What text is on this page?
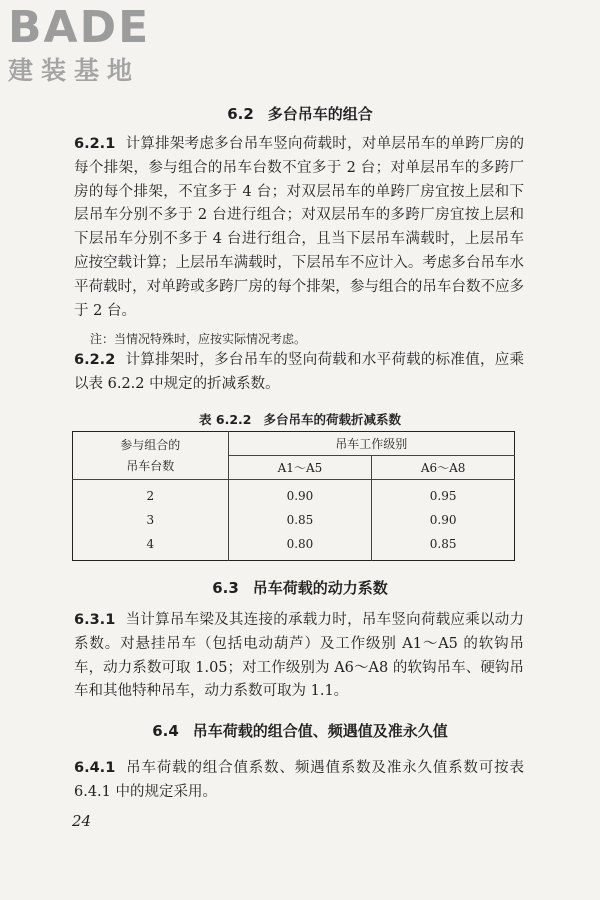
BADE
建装基地
6.2 多台吊车的组合

6.2.1 计算排架考虑多台吊车竖向荷载时，对单层吊车的单跨厂房的每个排架，参与组合的吊车台数不宜多于 2 台；对单层吊车的多跨厂房的每个排架，不宜多于 4 台；对双层吊车的单跨厂房宜按上层和下层吊车分别不多于 2 台进行组合；对双层吊车的多跨厂房宜按上层和下层吊车分别不多于 4 台进行组合，且当下层吊车满载时，上层吊车应按空载计算；上层吊车满载时，下层吊车不应计入。考虑多台吊车水平荷载时，对单跨或多跨厂房的每个排架，参与组合的吊车台数不应多于 2 台。

注：当情况特殊时，应按实际情况考虑。

6.2.2 计算排架时，多台吊车的竖向荷载和水平荷载的标准值，应乘以表 6.2.2 中规定的折减系数。

表 6.2.2 多台吊车的荷载折减系数
参与组合的
吊车台数	吊车工作级别	
	A1～A5	A6～A8
2	0.90	0.95
3	0.85	0.90
4	0.80	0.85
6.3 吊车荷载的动力系数

6.3.1 当计算吊车梁及其连接的承载力时，吊车竖向荷载应乘以动力系数。对悬挂吊车（包括电动葫芦）及工作级别 A1～A5 的软钩吊车，动力系数可取 1.05；对工作级别为 A6～A8 的软钩吊车、硬钩吊车和其他特种吊车，动力系数可取为 1.1。

6.4 吊车荷载的组合值、频遇值及准永久值

6.4.1 吊车荷载的组合值系数、频遇值系数及准永久值系数可按表 6.4.1 中的规定采用。

24
